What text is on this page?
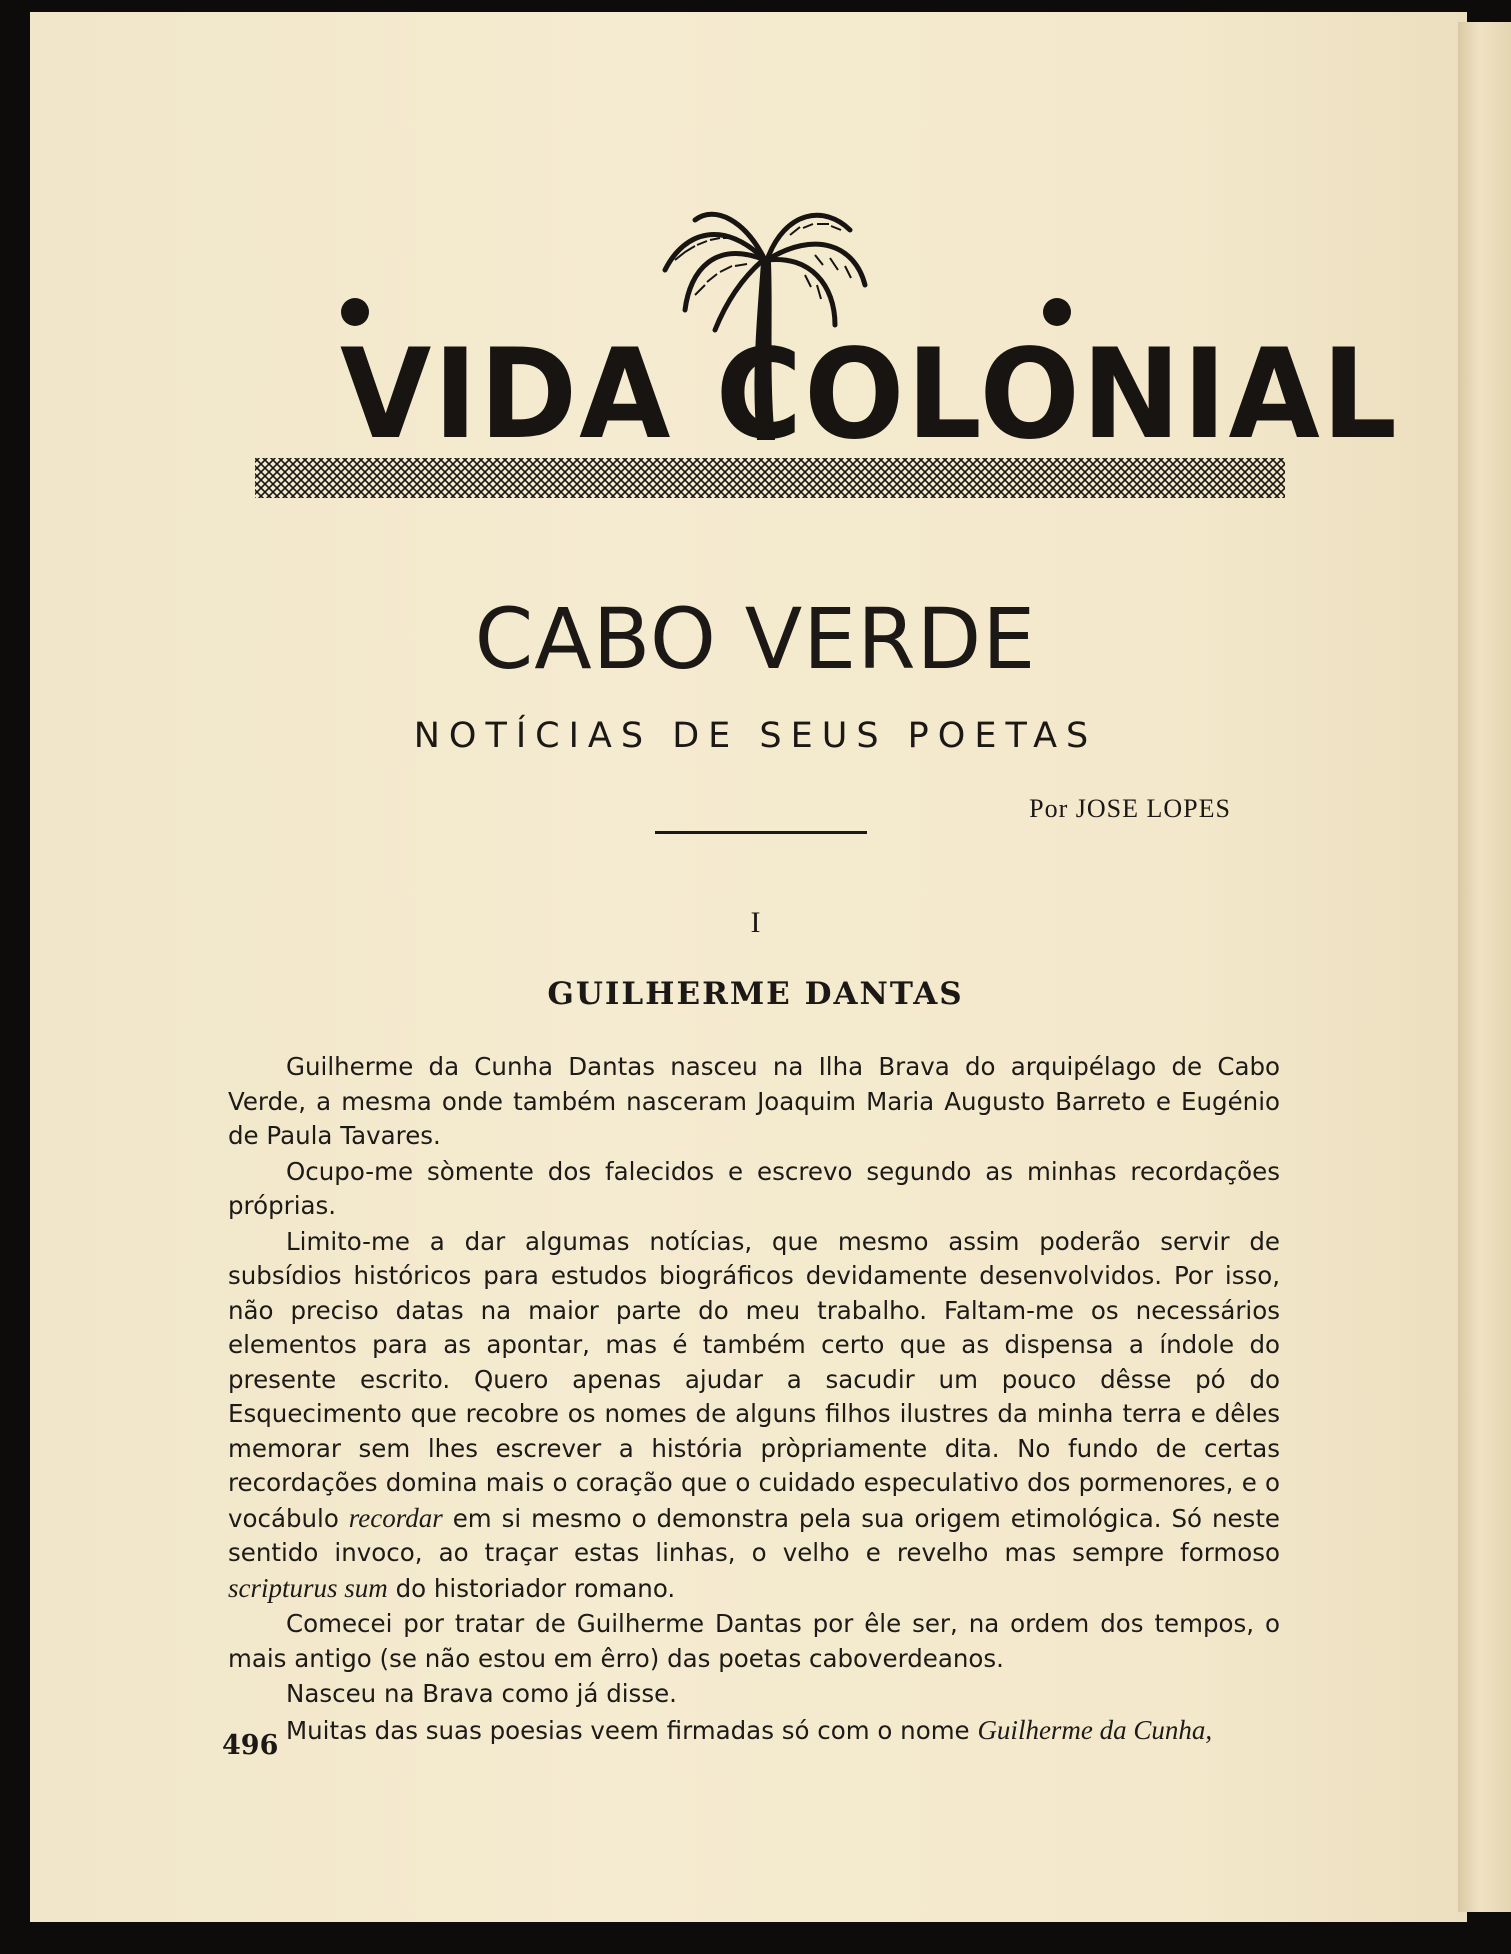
VIDA COLONIAL
CABO VERDE
NOTÍCIAS DE SEUS POETAS
Por JOSE LOPES
I
GUILHERME DANTAS

Guilherme da Cunha Dantas nasceu na Ilha Brava do arquipélago de Cabo Verde, a mesma onde também nasceram Joaquim Maria Augusto Barreto e Eugénio de Paula Tavares.

Ocupo-me sòmente dos falecidos e escrevo segundo as minhas recordações próprias.

Limito-me a dar algumas notícias, que mesmo assim poderão servir de subsídios históricos para estudos biográficos devidamente desenvolvidos. Por isso, não preciso datas na maior parte do meu trabalho. Faltam-me os necessários elementos para as apontar, mas é também certo que as dispensa a índole do presente escrito. Quero apenas ajudar a sacudir um pouco dêsse pó do Esquecimento que recobre os nomes de alguns filhos ilustres da minha terra e dêles memorar sem lhes escrever a história pròpriamente dita. No fundo de certas recordações domina mais o coração que o cuidado especulativo dos pormenores, e o vocábulo recordar em si mesmo o demonstra pela sua origem etimológica. Só neste sentido invoco, ao traçar estas linhas, o velho e revelho mas sempre formoso scripturus sum do historiador romano.

Comecei por tratar de Guilherme Dantas por êle ser, na ordem dos tempos, o mais antigo (se não estou em êrro) das poetas caboverdeanos.

Nasceu na Brava como já disse.

Muitas das suas poesias veem firmadas só com o nome Guilherme da Cunha,

496
